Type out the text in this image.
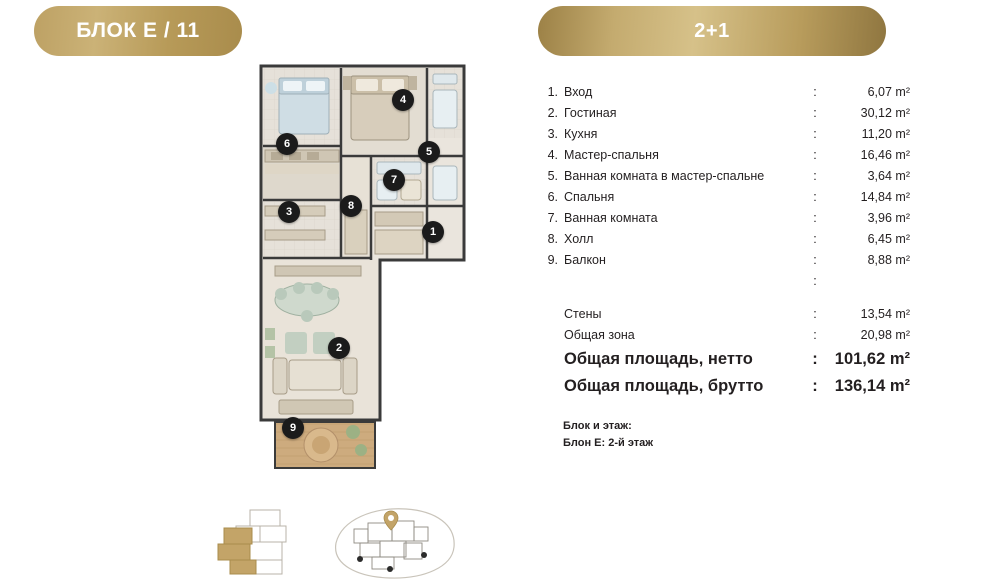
БЛОК E / 11	2+1
1
2
3
4
5
6
7
8
9
1. Вход	:	6,07 m²
2. Гостиная	:	30,12 m²
3. Кухня	:	11,20 m²
4. Мастер-спальня	:	16,46 m²
5. Ванная комната в мастер-спальне	:	3,64 m²
6. Спальня	:	14,84 m²
7. Ванная комната	:	3,96 m²
8. Холл	:	6,45 m²
9. Балкон	:	8,88 m²
:
Стены	:	13,54 m²
Общая зона	:	20,98 m²
Общая площадь, нетто	:	101,62 m²
Общая площадь, брутто	:	136,14 m²
Блок и этаж:
Блон E: 2-й этаж
